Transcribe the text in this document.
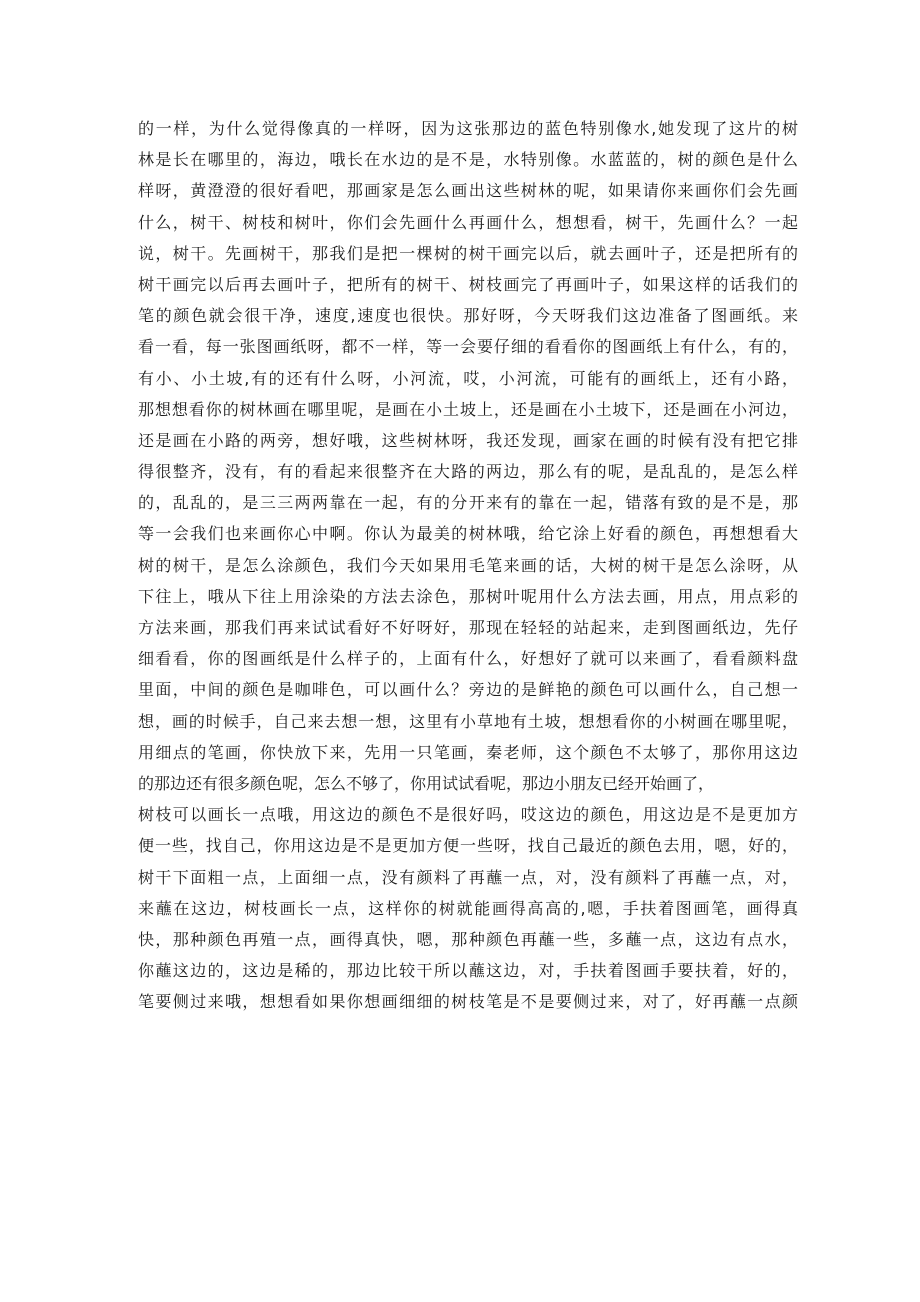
的一样，为什么觉得像真的一样呀，因为这张那边的蓝色特别像水,她发现了这片的树
林是长在哪里的，海边，哦长在水边的是不是，水特别像。水蓝蓝的，树的颜色是什么
样呀，黄澄澄的很好看吧，那画家是怎么画出这些树林的呢，如果请你来画你们会先画
什么，树干、树枝和树叶，你们会先画什么再画什么，想想看，树干，先画什么？一起
说，树干。先画树干，那我们是把一棵树的树干画完以后，就去画叶子，还是把所有的
树干画完以后再去画叶子，把所有的树干、树枝画完了再画叶子，如果这样的话我们的
笔的颜色就会很干净，速度,速度也很快。那好呀，今天呀我们这边准备了图画纸。来
看一看，每一张图画纸呀，都不一样，等一会要仔细的看看你的图画纸上有什么，有的，
有小、小土坡,有的还有什么呀，小河流，哎，小河流，可能有的画纸上，还有小路，
那想想看你的树林画在哪里呢，是画在小土坡上，还是画在小土坡下，还是画在小河边，
还是画在小路的两旁，想好哦，这些树林呀，我还发现，画家在画的时候有没有把它排
得很整齐，没有，有的看起来很整齐在大路的两边，那么有的呢，是乱乱的，是怎么样
的，乱乱的，是三三两两靠在一起，有的分开来有的靠在一起，错落有致的是不是，那
等一会我们也来画你心中啊。你认为最美的树林哦，给它涂上好看的颜色，再想想看大
树的树干，是怎么涂颜色，我们今天如果用毛笔来画的话，大树的树干是怎么涂呀，从
下往上，哦从下往上用涂染的方法去涂色，那树叶呢用什么方法去画，用点，用点彩的
方法来画，那我们再来试试看好不好呀好，那现在轻轻的站起来，走到图画纸边，先仔
细看看，你的图画纸是什么样子的，上面有什么，好想好了就可以来画了，看看颜料盘
里面，中间的颜色是咖啡色，可以画什么？旁边的是鲜艳的颜色可以画什么，自己想一
想，画的时候手，自己来去想一想，这里有小草地有土坡，想想看你的小树画在哪里呢，
用细点的笔画，你快放下来，先用一只笔画，秦老师，这个颜色不太够了，那你用这边
的那边还有很多颜色呢，怎么不够了，你用试试看呢，那边小朋友已经开始画了，
树枝可以画长一点哦，用这边的颜色不是很好吗，哎这边的颜色，用这边是不是更加方
便一些，找自己，你用这边是不是更加方便一些呀，找自己最近的颜色去用，嗯，好的，
树干下面粗一点，上面细一点，没有颜料了再蘸一点，对，没有颜料了再蘸一点，对，
来蘸在这边，树枝画长一点，这样你的树就能画得高高的,嗯，手扶着图画笔，画得真
快，那种颜色再殖一点，画得真快，嗯，那种颜色再蘸一些，多蘸一点，这边有点水，
你蘸这边的，这边是稀的，那边比较干所以蘸这边，对，手扶着图画手要扶着，好的，
笔要侧过来哦，想想看如果你想画细细的树枝笔是不是要侧过来，对了，好再蘸一点颜
